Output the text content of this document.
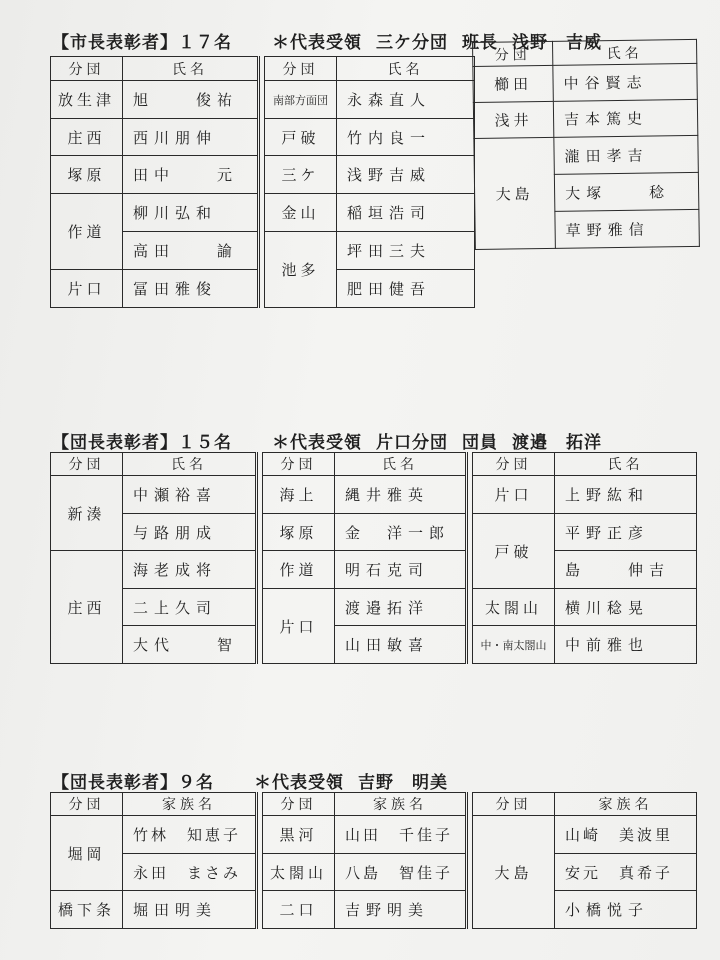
【市長表彰者】１７名 ＊代表受領 三ケ分団 班長 浅野　吉威
分団	氏名		分団	氏名
放生津	旭　　俊祐		南部方面団	永森直人
庄西	西川朋伸		戸破	竹内良一
塚原	田中　　元		三ケ	浅野吉威
作道	柳川弘和		金山	稲垣浩司
	高田　　諭		池多	坪田三夫
片口	冨田雅俊			肥田健吾
分団	氏名
櫛田	中谷賢志
浅井	吉本篤史
大島	瀧田孝吉
	大塚　　稔
	草野雅信
【団長表彰者】１５名 ＊代表受領 片口分団 団員 渡邉　拓洋
分団	氏名		分団	氏名		分団	氏名
新湊	中瀬裕喜		海上	縄井雅英		片口	上野紘和
	与路朋成		塚原	金　洋一郎		戸破	平野正彦
庄西	海老成将		作道	明石克司			島　　伸吉
	二上久司		片口	渡邉拓洋		太閤山	横川稔晃
	大代　　智			山田敏喜		中・南太閤山	中前雅也
【団長表彰者】９名 ＊代表受領 吉野　明美
分団	家族名		分団	家族名		分団	家族名
堀岡	竹林　知恵子		黒河	山田　千佳子		大島	山崎　美波里
	永田　まさみ		太閤山	八島　智佳子			安元　真希子
橋下条	堀田明美		二口	吉野明美			小橋悦子
